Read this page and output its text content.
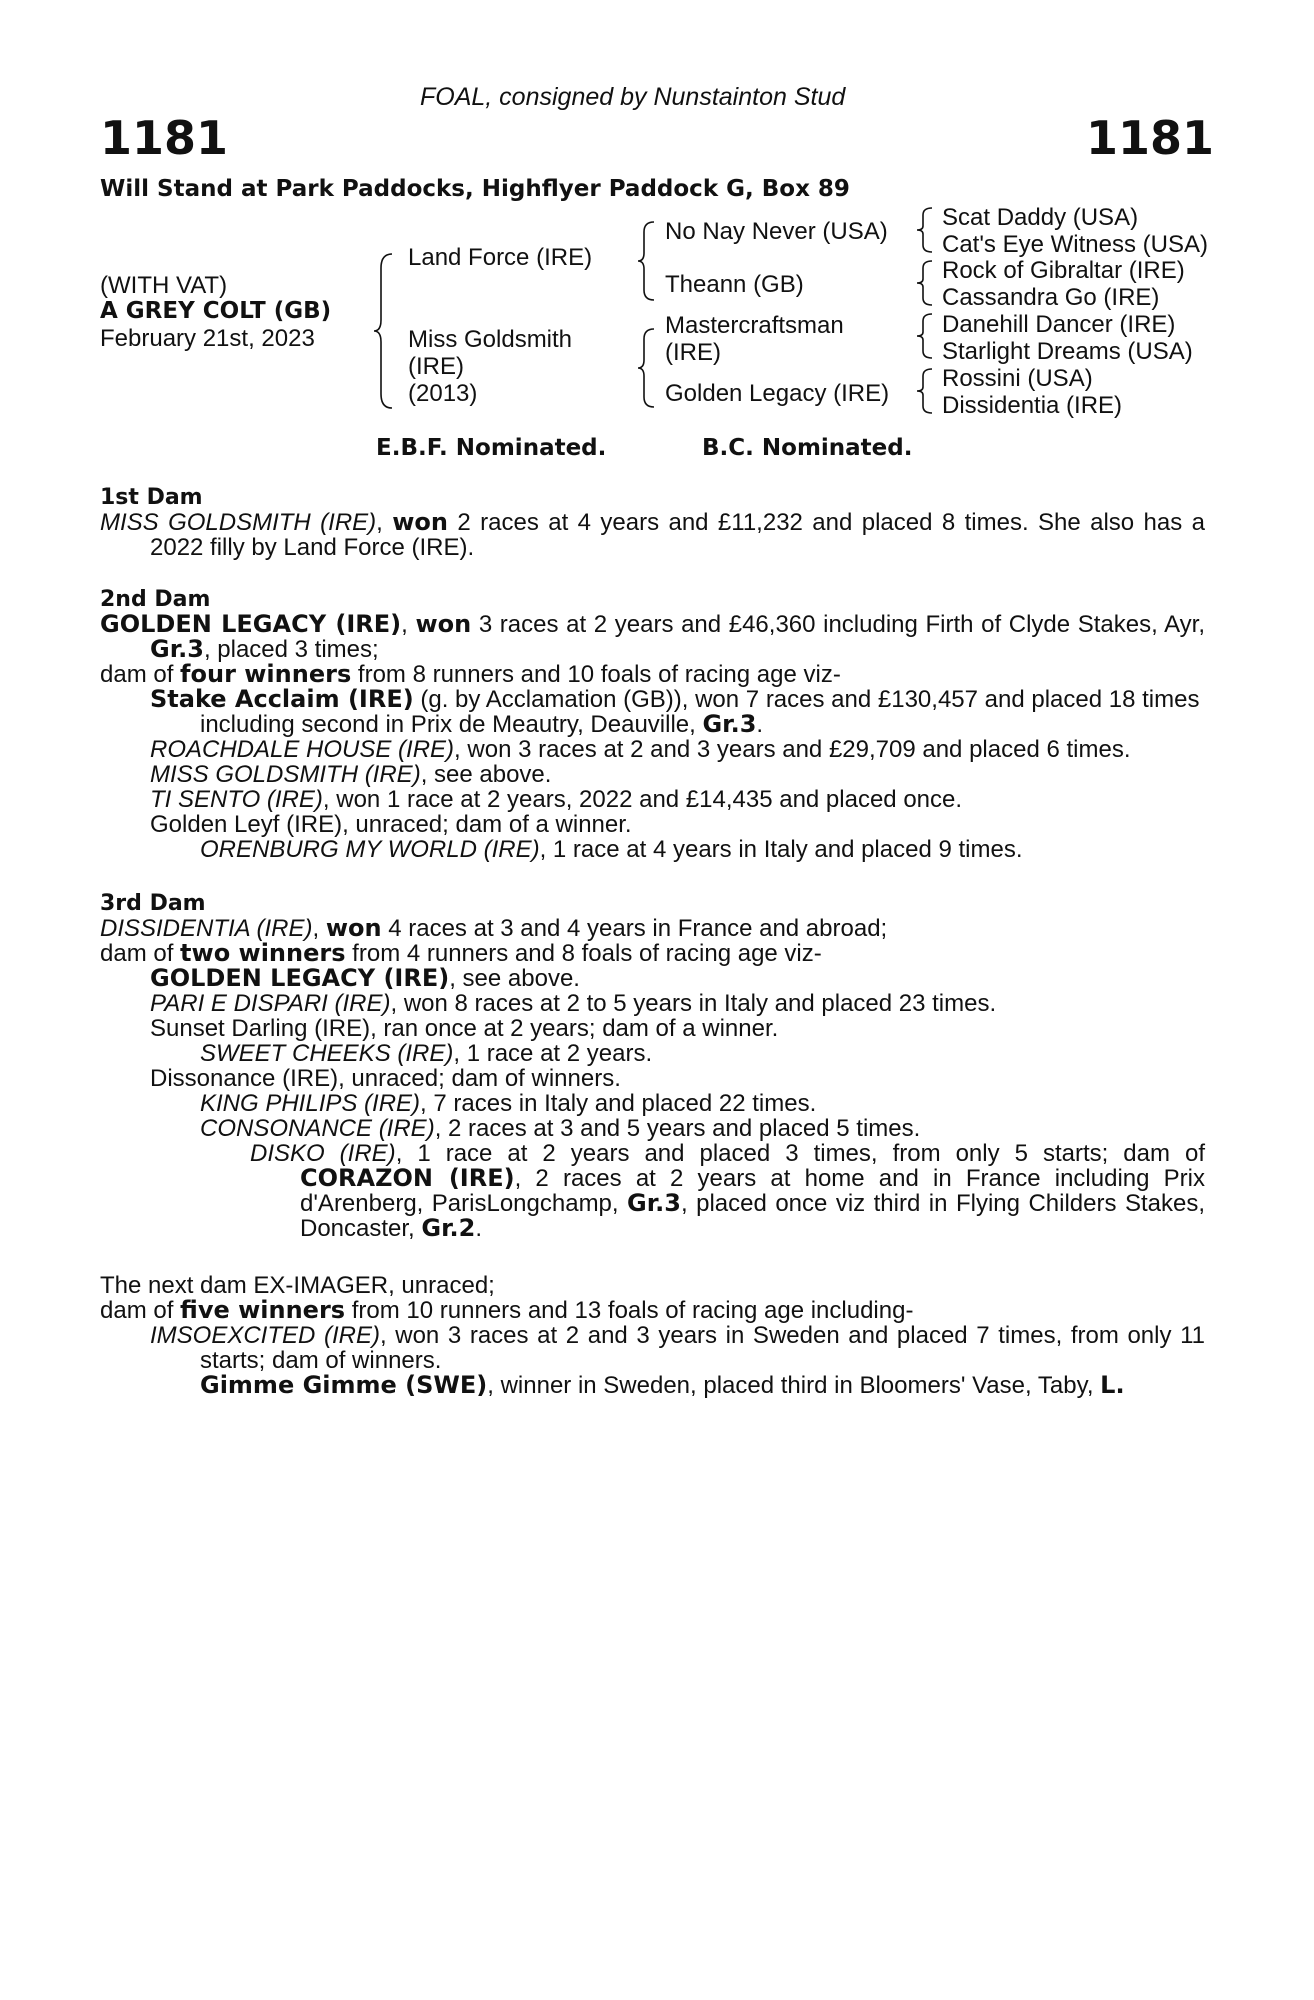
FOAL, consigned by Nunstainton Stud
1181	1181
Will Stand at Park Paddocks, Highflyer Paddock G, Box 89
(WITH VAT)
A GREY COLT (GB)
February 21st, 2023
Land Force (IRE)
Miss Goldsmith
(IRE)
(2013)
No Nay Never (USA)
Theann (GB)
Mastercraftsman
(IRE)
Golden Legacy (IRE)
Scat Daddy (USA)
Cat's Eye Witness (USA)
Rock of Gibraltar (IRE)
Cassandra Go (IRE)
Danehill Dancer (IRE)
Starlight Dreams (USA)
Rossini (USA)
Dissidentia (IRE)
E.B.F. Nominated.	B.C. Nominated.

1st Dam

MISS GOLDSMITH (IRE), won 2 races at 4 years and £11,232 and placed 8 times. She also has a 2022 filly by Land Force (IRE).

2nd Dam

GOLDEN LEGACY (IRE), won 3 races at 2 years and £46,360 including Firth of Clyde Stakes, Ayr, Gr.3, placed 3 times;

dam of four winners from 8 runners and 10 foals of racing age viz-

Stake Acclaim (IRE) (g. by Acclamation (GB)), won 7 races and £130,457 and placed 18 times including second in Prix de Meautry, Deauville, Gr.3.

ROACHDALE HOUSE (IRE), won 3 races at 2 and 3 years and £29,709 and placed 6 times.

MISS GOLDSMITH (IRE), see above.

TI SENTO (IRE), won 1 race at 2 years, 2022 and £14,435 and placed once.

Golden Leyf (IRE), unraced; dam of a winner.

ORENBURG MY WORLD (IRE), 1 race at 4 years in Italy and placed 9 times.

3rd Dam

DISSIDENTIA (IRE), won 4 races at 3 and 4 years in France and abroad;

dam of two winners from 4 runners and 8 foals of racing age viz-

GOLDEN LEGACY (IRE), see above.

PARI E DISPARI (IRE), won 8 races at 2 to 5 years in Italy and placed 23 times.

Sunset Darling (IRE), ran once at 2 years; dam of a winner.

SWEET CHEEKS (IRE), 1 race at 2 years.

Dissonance (IRE), unraced; dam of winners.

KING PHILIPS (IRE), 7 races in Italy and placed 22 times.

CONSONANCE (IRE), 2 races at 3 and 5 years and placed 5 times.

DISKO (IRE), 1 race at 2 years and placed 3 times, from only 5 starts; dam of CORAZON (IRE), 2 races at 2 years at home and in France including Prix d'Arenberg, ParisLongchamp, Gr.3, placed once viz third in Flying Childers Stakes, Doncaster, Gr.2.

The next dam EX-IMAGER, unraced;

dam of five winners from 10 runners and 13 foals of racing age including-

IMSOEXCITED (IRE), won 3 races at 2 and 3 years in Sweden and placed 7 times, from only 11 starts; dam of winners.

Gimme Gimme (SWE), winner in Sweden, placed third in Bloomers' Vase, Taby, L.
